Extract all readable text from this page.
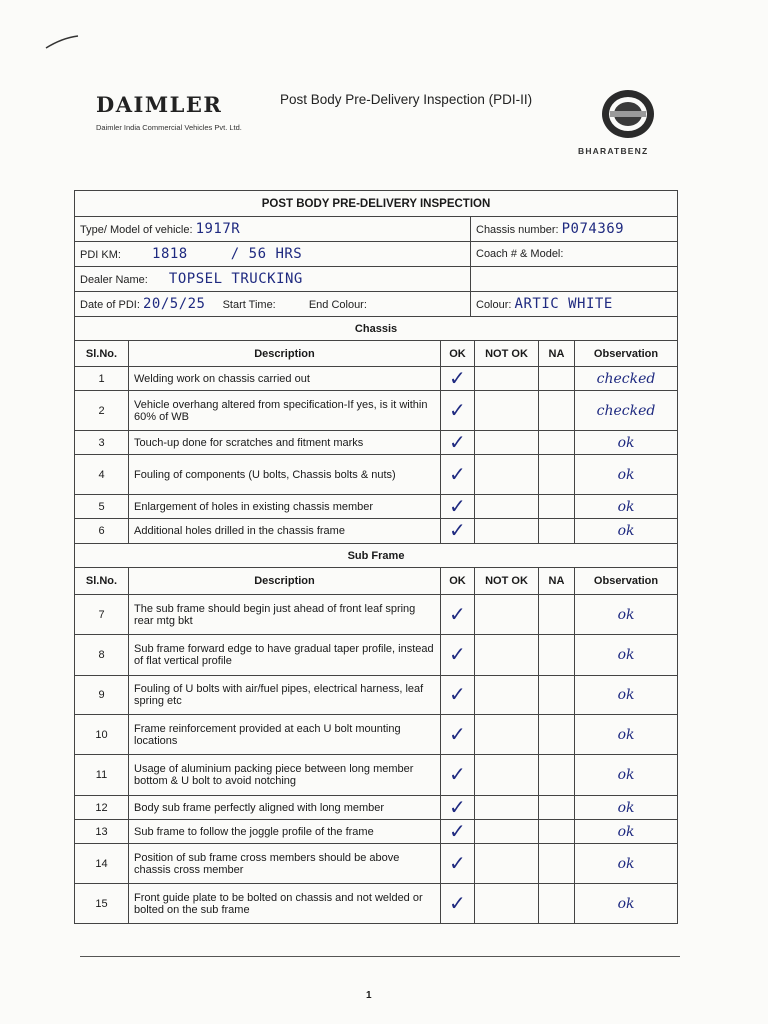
DAIMLER
Daimler India Commercial Vehicles Pvt. Ltd.
Post Body Pre-Delivery Inspection (PDI-II)
BHARATBENZ
POST BODY PRE-DELIVERY INSPECTION	
Type/ Model of vehicle: 1917R	Chassis number: P074369
PDI KM: 1818 / 56 HRS	Coach # & Model:
Dealer Name: TOPSEL TRUCKING	
Date of PDI: 20/5/25 Start Time: End Colour:	Colour: ARTIC WHITE
Chassis					
Sl.No.	Description	OK	NOT OK	NA	Observation
1	Welding work on chassis carried out	✓			checked
2	Vehicle overhang altered from specification-If yes, is it within 60% of WB	✓			checked
3	Touch-up done for scratches and fitment marks	✓			ok
4	Fouling of components (U bolts, Chassis bolts & nuts)	✓			ok
5	Enlargement of holes in existing chassis member	✓			ok
6	Additional holes drilled in the chassis frame	✓			ok
Sub Frame					
Sl.No.	Description	OK	NOT OK	NA	Observation
7	The sub frame should begin just ahead of front leaf spring rear mtg bkt	✓			ok
8	Sub frame forward edge to have gradual taper profile, instead of flat vertical profile	✓			ok
9	Fouling of U bolts with air/fuel pipes, electrical harness, leaf spring etc	✓			ok
10	Frame reinforcement provided at each U bolt mounting locations	✓			ok
11	Usage of aluminium packing piece between long member bottom & U bolt to avoid notching	✓			ok
12	Body sub frame perfectly aligned with long member	✓			ok
13	Sub frame to follow the joggle profile of the frame	✓			ok
14	Position of sub frame cross members should be above chassis cross member	✓			ok
15	Front guide plate to be bolted on chassis and not welded or bolted on the sub frame	✓			ok
1
